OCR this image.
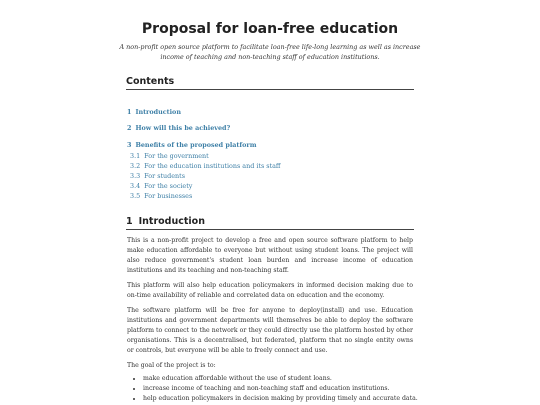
Proposal for loan-free education
A non-profit open source platform to facilitate loan-free life-long learning as well as increase income of teaching and non-teaching staff of education institutions.
Contents
1 Introduction
2 How will this be achieved?
3 Benefits of the proposed platform
3.1 For the government
3.2 For the education institutions and its staff
3.3 For students
3.4 For the society
3.5 For businesses
1 Introduction
This is a non-profit project to develop a free and open source software platform to help make education affordable to everyone but without using student loans. The project will also reduce government's student loan burden and increase income of education institutions and its teaching and non-teaching staff.
This platform will also help education policymakers in informed decision making due to on-time availability of reliable and correlated data on education and the economy.
The software platform will be free for anyone to deploy(install) and use. Education institutions and government departments will themselves be able to deploy the software platform to connect to the network or they could directly use the platform hosted by other organisations. This is a decentralised, but federated, platform that no single entity owns or controls, but everyone will be able to freely connect and use.
The goal of the project is to:
• make education affordable without the use of student loans.
• increase income of teaching and non-teaching staff and education institutions.
• help education policymakers in decision making by providing timely and accurate data.
